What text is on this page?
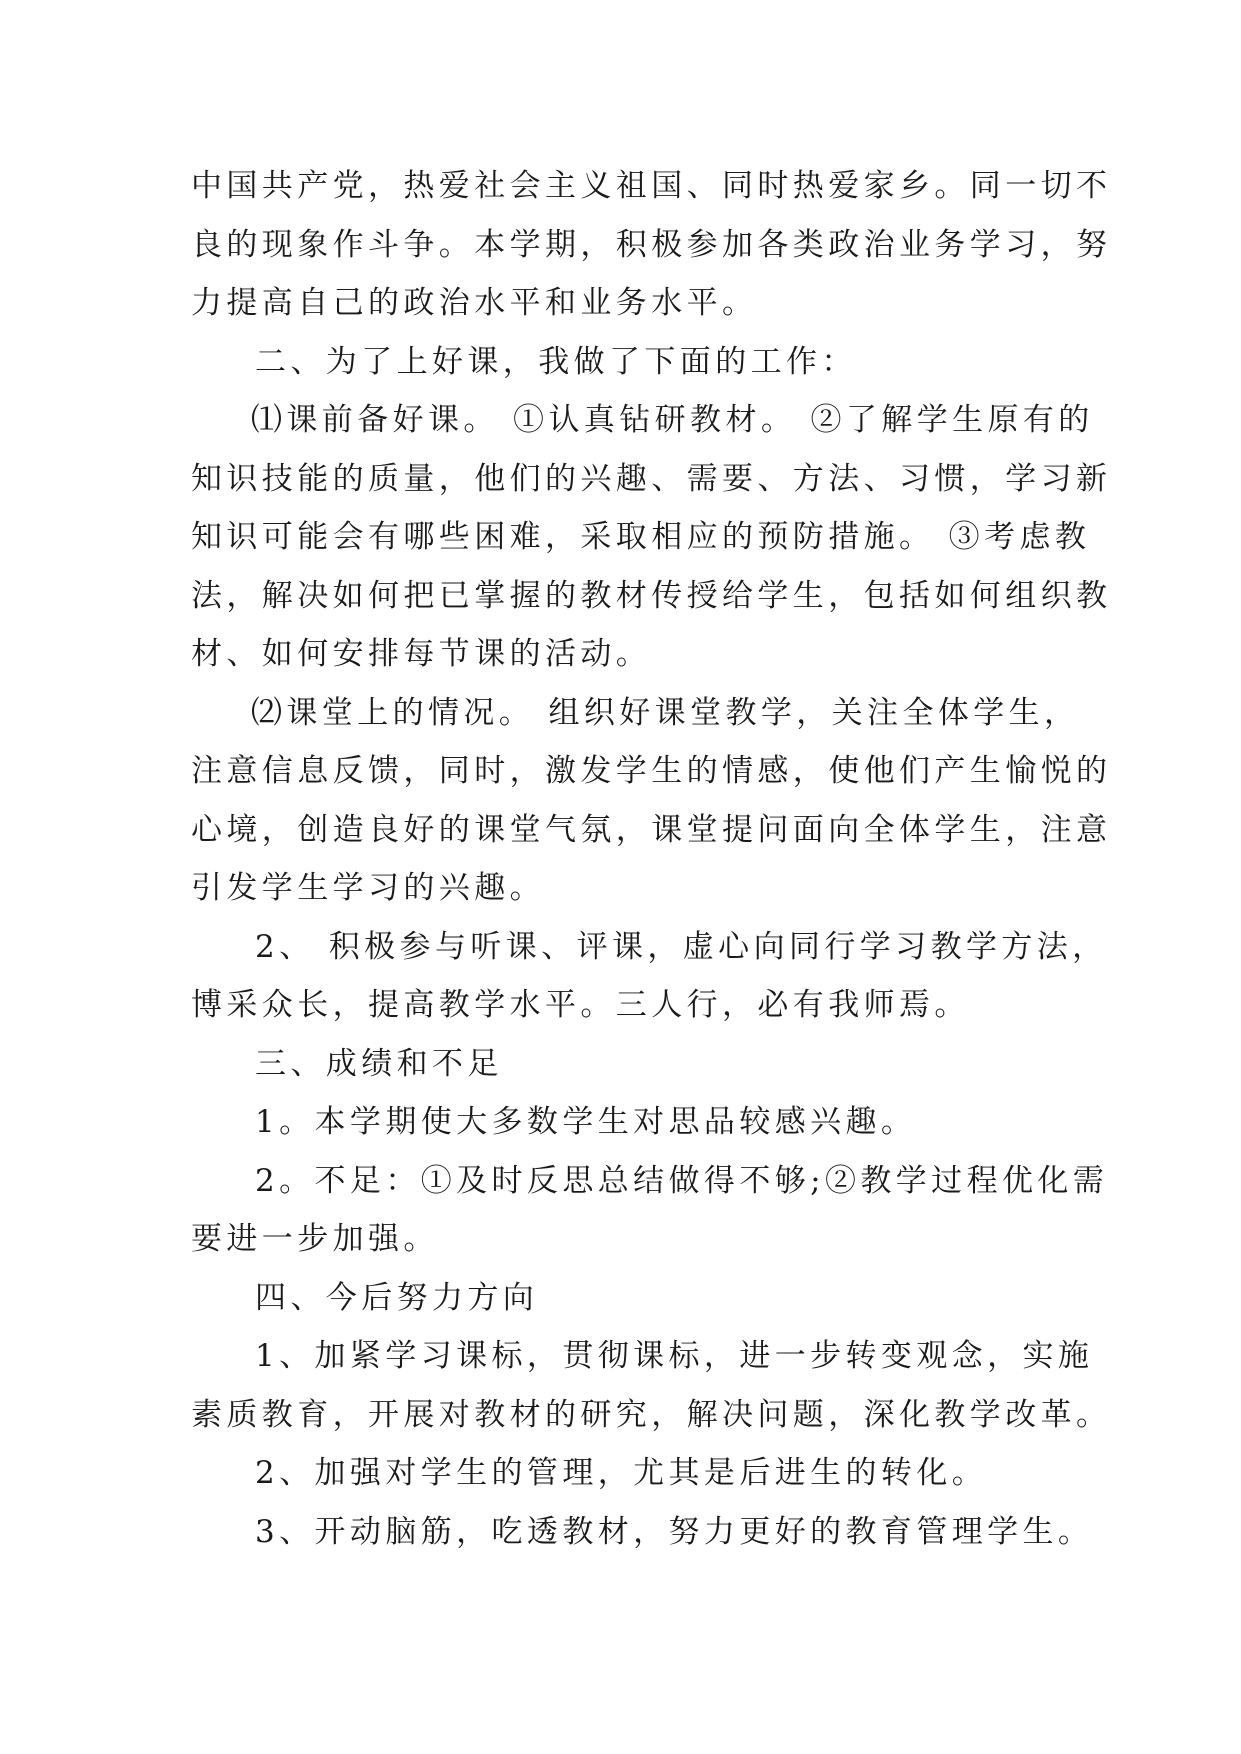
中国共产党，热爱社会主义祖国、同时热爱家乡。同一切不
良的现象作斗争。本学期，积极参加各类政治业务学习，努
力提高自己的政治水平和业务水平。
二、为了上好课，我做了下面的工作：
⑴课前备好课。 ①认真钻研教材。 ②了解学生原有的
知识技能的质量，他们的兴趣、需要、方法、习惯，学习新
知识可能会有哪些困难，采取相应的预防措施。 ③考虑教
法，解决如何把已掌握的教材传授给学生，包括如何组织教
材、如何安排每节课的活动。
⑵课堂上的情况。 组织好课堂教学，关注全体学生，
注意信息反馈，同时，激发学生的情感，使他们产生愉悦的
心境，创造良好的课堂气氛，课堂提问面向全体学生，注意
引发学生学习的兴趣。
2、 积极参与听课、评课，虚心向同行学习教学方法，
博采众长，提高教学水平。三人行，必有我师焉。
三、成绩和不足
1。本学期使大多数学生对思品较感兴趣。
2。不足：①及时反思总结做得不够;②教学过程优化需
要进一步加强。
四、今后努力方向
1、加紧学习课标，贯彻课标，进一步转变观念，实施
素质教育，开展对教材的研究，解决问题，深化教学改革。
2、加强对学生的管理，尤其是后进生的转化。
3、开动脑筋，吃透教材，努力更好的教育管理学生。
